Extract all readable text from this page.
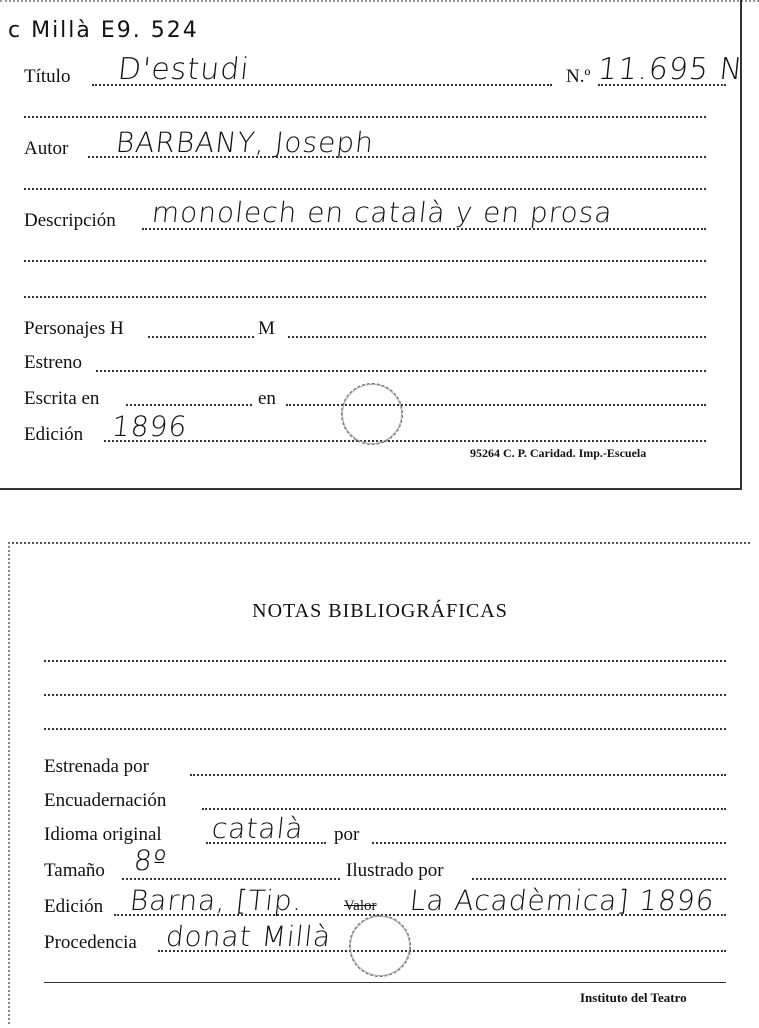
c Millà E9. 524
Título D'estudi	N.º 11.695 N
Autor BARBANY, Joseph
Descripción monolech en català y en prosa
Personajes H	M
Estreno
Escrita en	en
Edición 1896
95264 C. P. Caridad. Imp.-Escuela
NOTAS BIBLIOGRÁFICAS
Estrenada por
Encuadernación
Idioma original català por
Tamaño 8º	Ilustrado por
Edición Barna, [Tip.	Valor La Acadèmica] 1896
Procedencia donat Millà
Instituto del Teatro
